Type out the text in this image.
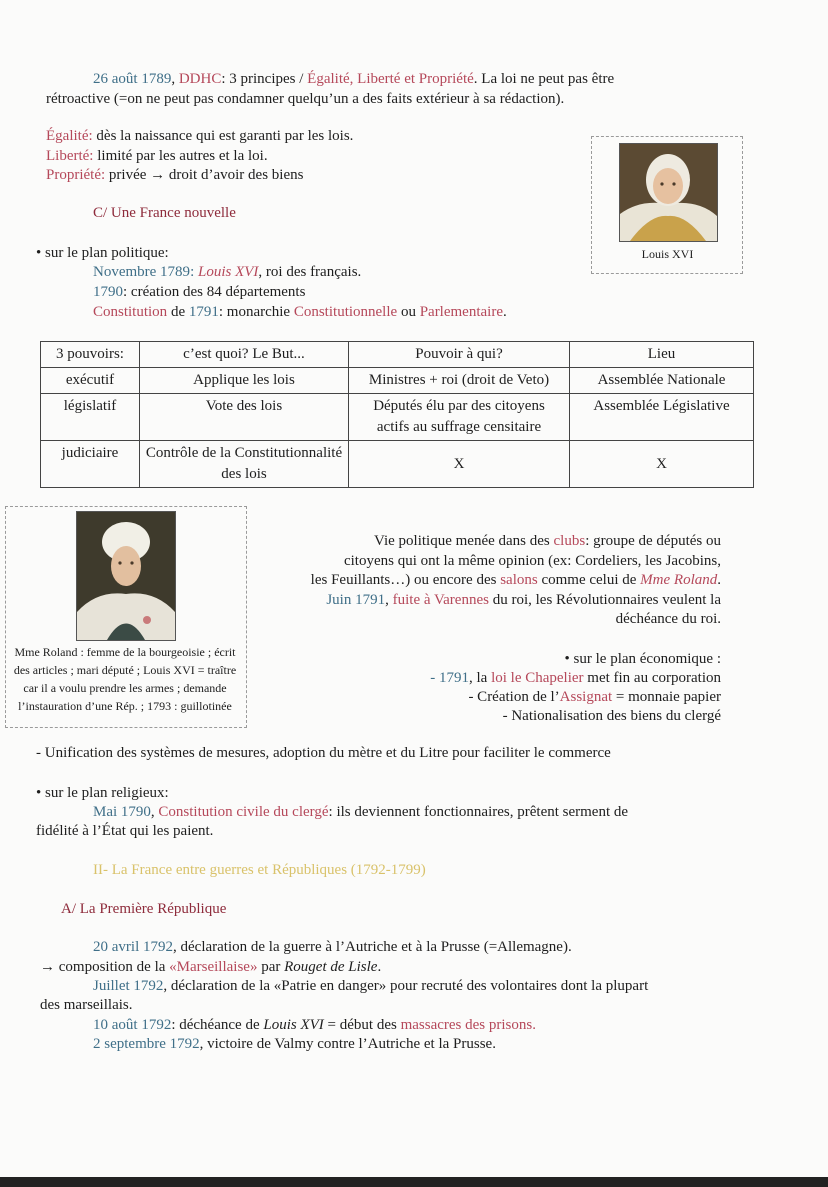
26 août 1789, DDHC: 3 principes / Égalité, Liberté et Propriété. La loi ne peut pas être
rétroactive (=on ne peut pas condamner quelqu’un a des faits extérieur à sa rédaction).
Égalité: dès la naissance qui est garanti par les lois.
Liberté: limité par les autres et la loi.
Propriété: privée → droit d’avoir des biens
Louis XVI
C/ Une France nouvelle
• sur le plan politique:
Novembre 1789: Louis XVI, roi des français.
1790: création des 84 départements
Constitution de 1791: monarchie Constitutionnelle ou Parlementaire.
3 pouvoirs:	c’est quoi? Le But...	Pouvoir à qui?	Lieu
exécutif	Applique les lois	Ministres + roi (droit de Veto)	Assemblée Nationale
législatif	Vote des lois	Députés élu par des citoyens actifs au suffrage censitaire	Assemblée Législative
judiciaire	Contrôle de la Constitutionnalité des lois	X	X
Mme Roland : femme de la bourgeoisie ; écrit des articles ; mari député ; Louis XVI = traître car il a voulu prendre les armes ; demande l’instauration d’une Rép. ; 1793 : guillotinée
Vie politique menée dans des clubs: groupe de députés ou
citoyens qui ont la même opinion (ex: Cordeliers, les Jacobins,
les Feuillants…) ou encore des salons comme celui de Mme Roland.
Juin 1791, fuite à Varennes du roi, les Révolutionnaires veulent la
déchéance du roi.
• sur le plan économique :
- 1791, la loi le Chapelier met fin au corporation
- Création de l’Assignat = monnaie papier
- Nationalisation des biens du clergé
- Unification des systèmes de mesures, adoption du mètre et du Litre pour faciliter le commerce
• sur le plan religieux:
Mai 1790, Constitution civile du clergé: ils deviennent fonctionnaires, prêtent serment de
fidélité à l’État qui les paient.
II- La France entre guerres et Républiques (1792-1799)
A/ La Première République
20 avril 1792, déclaration de la guerre à l’Autriche et à la Prusse (=Allemagne).
→ composition de la «Marseillaise» par Rouget de Lisle.
Juillet 1792, déclaration de la «Patrie en danger» pour recruté des volontaires dont la plupart
des marseillais.
10 août 1792: déchéance de Louis XVI = début des massacres des prisons.
2 septembre 1792, victoire de Valmy contre l’Autriche et la Prusse.
